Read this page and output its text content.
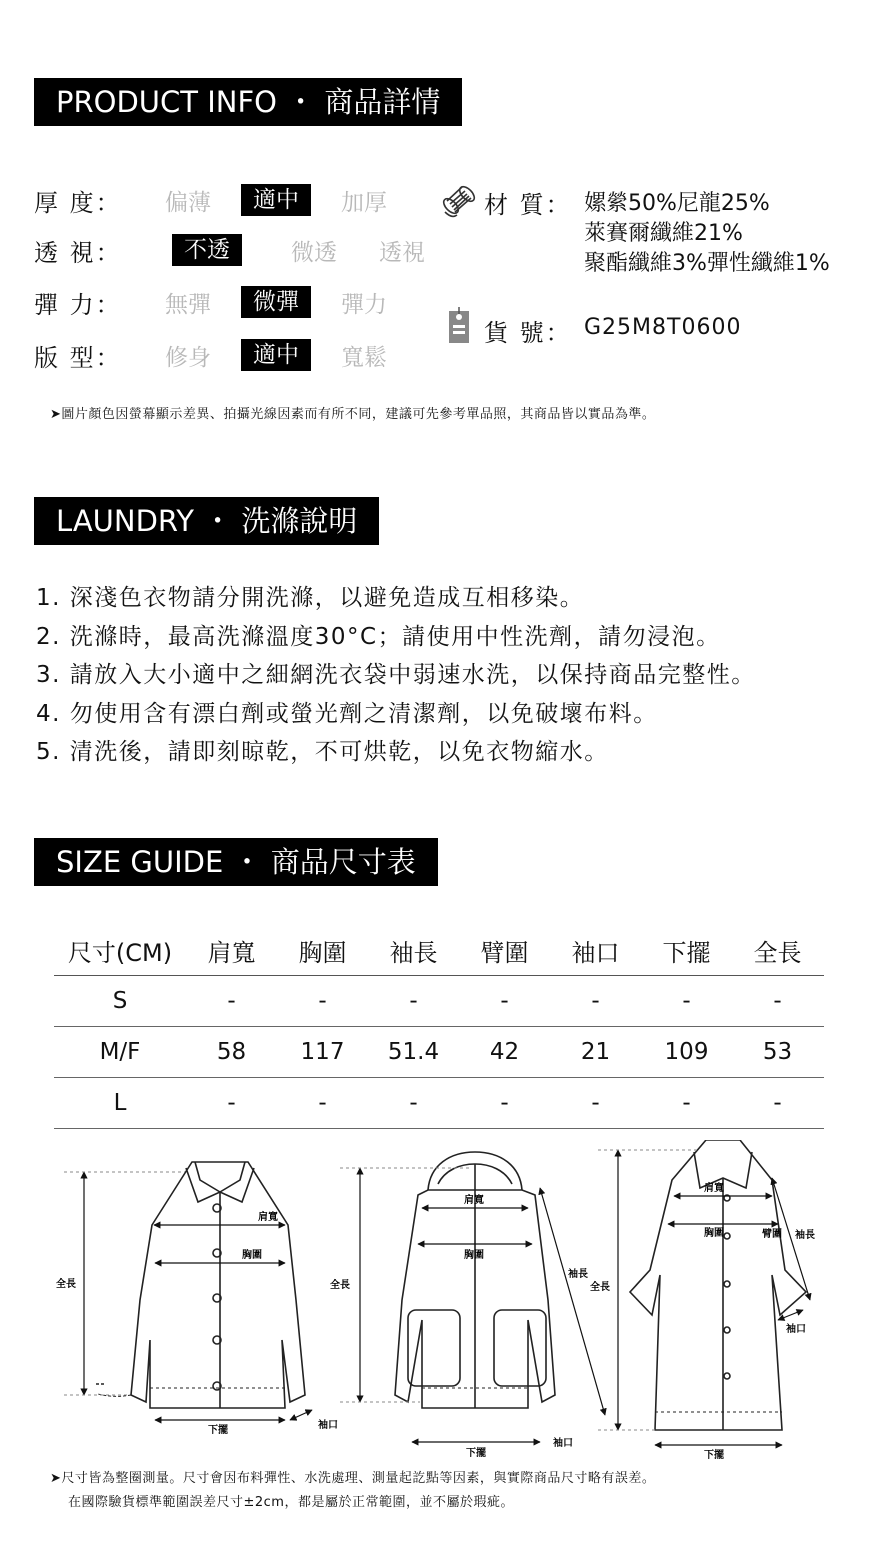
PRODUCT INFO ・ 商品詳情
厚 度：	偏薄	適中	加厚
透 視：	不透	微透	透視
彈 力：	無彈	微彈	彈力
版 型：	修身	適中	寬鬆
材 質： 嫘縈50%尼龍25%
萊賽爾纖維21%
聚酯纖維3%彈性纖維1%
貨 號： G25M8T0600
➤圖片顏色因螢幕顯示差異、拍攝光線因素而有所不同，建議可先參考單品照，其商品皆以實品為準。
LAUNDRY ・ 洗滌說明
1. 深淺色衣物請分開洗滌，以避免造成互相移染。
2. 洗滌時，最高洗滌溫度30°C；請使用中性洗劑，請勿浸泡。
3. 請放入大小適中之細網洗衣袋中弱速水洗，以保持商品完整性。
4. 勿使用含有漂白劑或螢光劑之清潔劑，以免破壞布料。
5. 清洗後，請即刻晾乾，不可烘乾，以免衣物縮水。
SIZE GUIDE ・ 商品尺寸表
尺寸(CM)	肩寬	胸圍	袖長	臂圍	袖口	下擺	全長
S	-	-	-	-	-	-	-
M/F	58	117	51.4	42	21	109	53
L	-	-	-	-	-	-	-
肩寬
胸圍
全長
下擺	袖口
肩寬
胸圍
全長
袖長
下擺
袖口
肩寬
胸圍	臂圍 袖長
袖口
全長
下擺
➤尺寸皆為整圈測量。尺寸會因布料彈性、水洗處理、測量起訖點等因素，與實際商品尺寸略有誤差。
在國際驗貨標準範圍誤差尺寸±2cm，都是屬於正常範圍，並不屬於瑕疵。
